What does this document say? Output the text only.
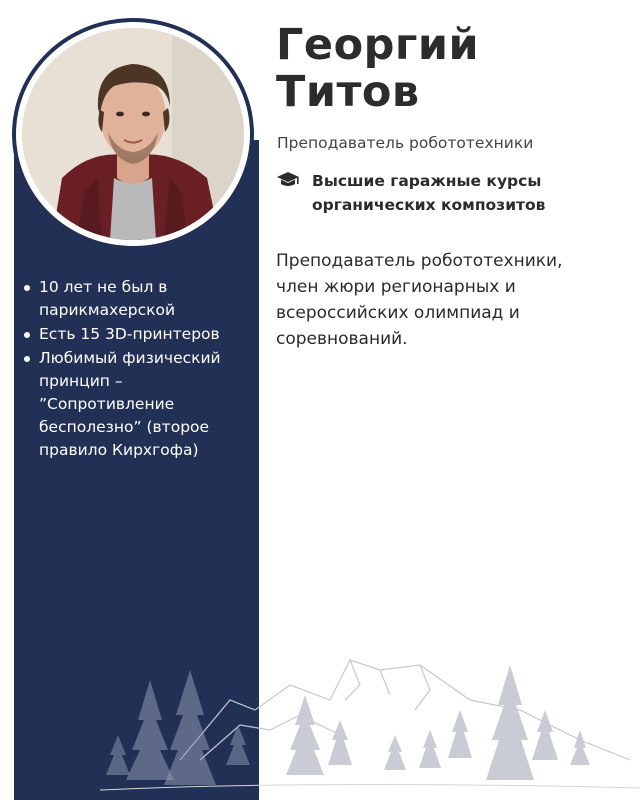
10 лет не был в парикмахерской
Есть 15 3D-принтеров
Любимый физический принцип – ”Сопротивление бесполезно” (второе правило Кирхгофа)
Георгий
Титов
Преподаватель робототехники
Высшие гаражные курсы органических композитов

Преподаватель робототехники, член жюри регионарных и всероссийских олимпиад и соревнований.
